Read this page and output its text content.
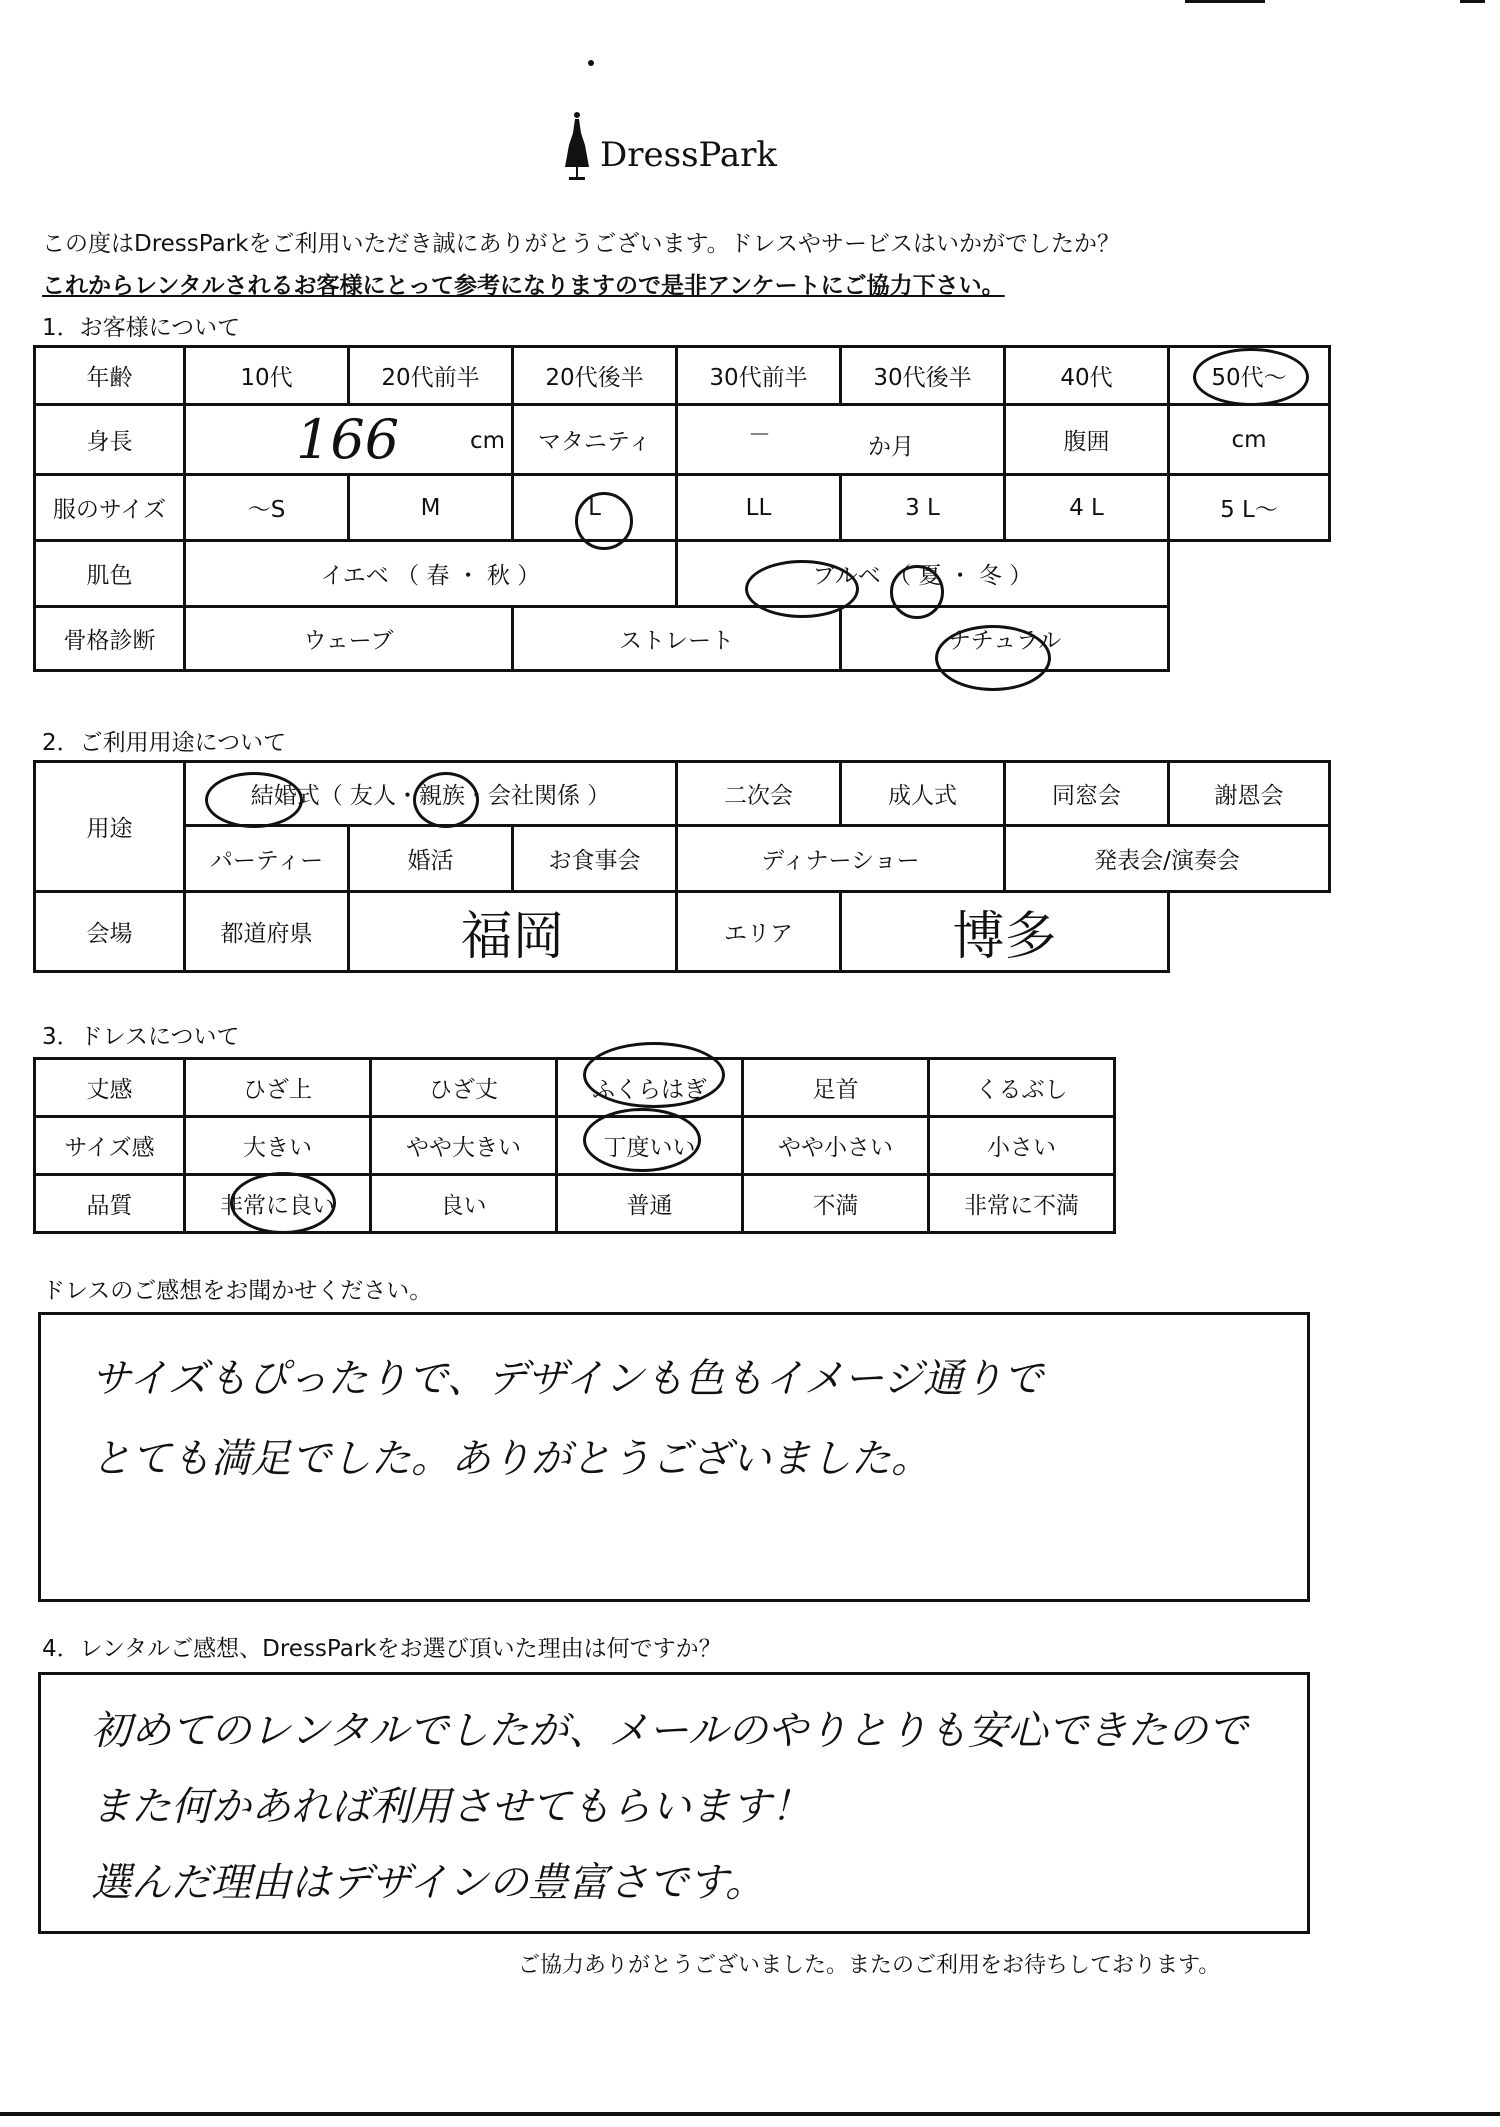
DressPark
この度はDressParkをご利用いただき誠にありがとうございます。ドレスやサービスはいかがでしたか？
これからレンタルされるお客様にとって参考になりますので是非アンケートにご協力下さい。
1．お客様について
年齢	10代	20代前半	20代後半	30代前半	30代後半	40代	50代～
身長	166 cm		マタニティ	－ か月		腹囲	cm
服のサイズ	～S	M	L	LL	3 L	4 L	5 L～
肌色	イエベ （ 春 ・ 秋 ）			ブルベ （ 夏 ・ 冬 ）			
骨格診断	ウェーブ		ストレート		ナチュラル		
2．ご利用用途について
用途	結婚式（ 友人・親族・会社関係 ）			二次会	成人式	同窓会	謝恩会
	パーティー	婚活	お食事会	ディナーショー		発表会/演奏会	
会場	都道府県	福岡		エリア	博多		
3．ドレスについて
丈感	ひざ上	ひざ丈	ふくらはぎ	足首	くるぶし
サイズ感	大きい	やや大きい	丁度いい	やや小さい	小さい
品質	非常に良い	良い	普通	不満	非常に不満
ドレスのご感想をお聞かせください。
サイズもぴったりで、デザインも色もイメージ通りで
とても満足でした。ありがとうございました。
4．レンタルご感想、DressParkをお選び頂いた理由は何ですか？
初めてのレンタルでしたが、メールのやりとりも安心できたので
また何かあれば利用させてもらいます！
選んだ理由はデザインの豊富さです。
ご協力ありがとうございました。またのご利用をお待ちしております。
